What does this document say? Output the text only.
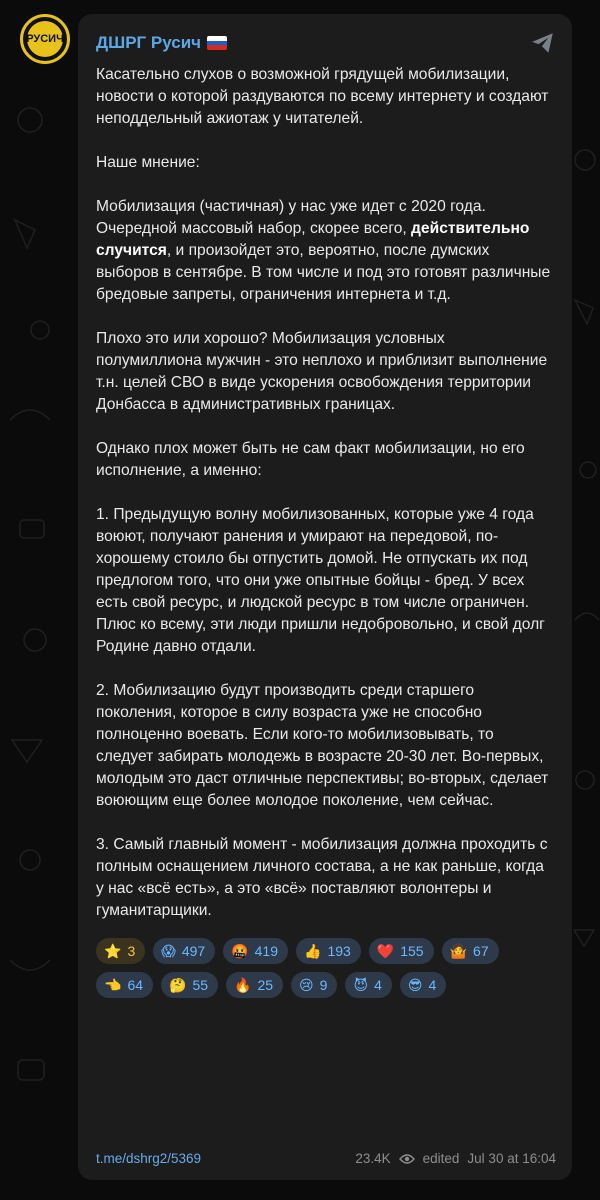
РУСИЧ ДШРГ Русич

Касательно слухов о возможной грядущей мобилизации, новости о которой раздуваются по всему интернету и создают неподдельный ажиотаж у читателей.

Наше мнение:

Мобилизация (частичная) у нас уже идет с 2020 года. Очередной массовый набор, скорее всего, действительно случится, и произойдет это, вероятно, после думских выборов в сентябре. В том числе и под это готовят различные бредовые запреты, ограничения интернета и т.д.

Плохо это или хорошо? Мобилизация условных полумиллиона мужчин - это неплохо и приблизит выполнение т.н. целей СВО в виде ускорения освобождения территории Донбасса в административных границах.

Однако плох может быть не сам факт мобилизации, но его исполнение, а именно:

1. Предыдущую волну мобилизованных, которые уже 4 года воюют, получают ранения и умирают на передовой, по-хорошему стоило бы отпустить домой. Не отпускать их под предлогом того, что они уже опытные бойцы - бред. У всех есть свой ресурс, и людской ресурс в том числе ограничен. Плюс ко всему, эти люди пришли недобровольно, и свой долг Родине давно отдали.

2. Мобилизацию будут производить среди старшего поколения, которое в силу возраста уже не способно полноценно воевать. Если кого-то мобилизовывать, то следует забирать молодежь в возрасте 20-30 лет. Во-первых, молодым это даст отличные перспективы; во-вторых, сделает воюющим еще более молодое поколение, чем сейчас.

3. Самый главный момент - мобилизация должна проходить с полным оснащением личного состава, а не как раньше, когда у нас «всё есть», а это «всё» поставляют волонтеры и гуманитарщики.

⭐ 3 😱 497 🤬 419 👍 193 ❤️ 155 🤷 67
👈 64 🤔 55 🔥 25 😢 9 😈 4 😎 4
t.me/dshrg2/5369	23.4K edited Jul 30 at 16:04
